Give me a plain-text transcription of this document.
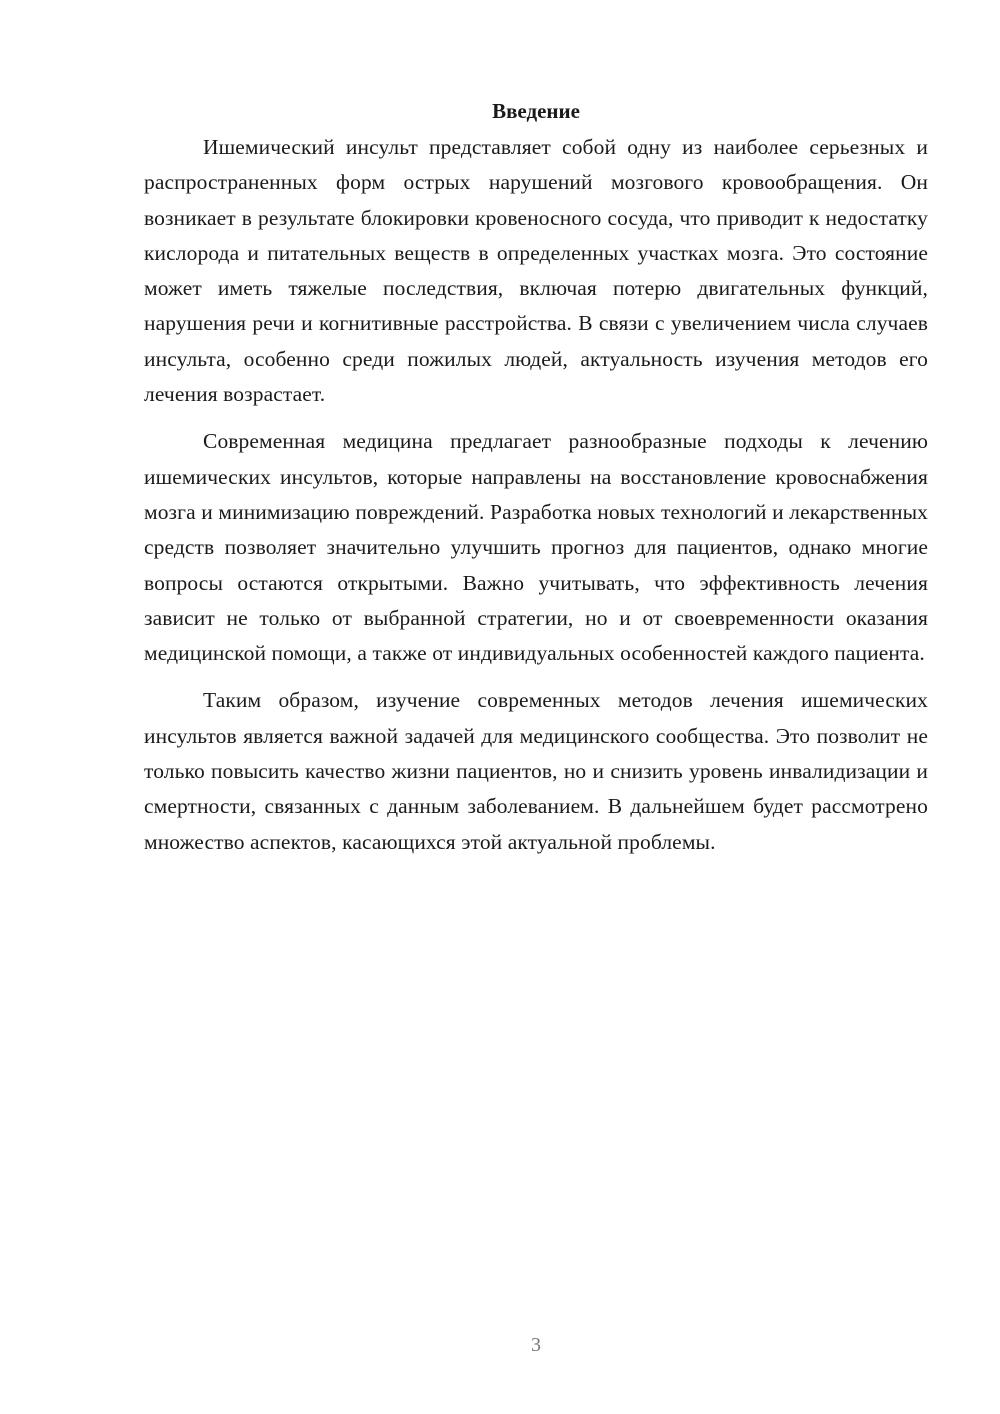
Введение

Ишемический инсульт представляет собой одну из наиболее серьезных и распространенных форм острых нарушений мозгового кровообращения. Он возникает в результате блокировки кровеносного сосуда, что приводит к недостатку кислорода и питательных веществ в определенных участках мозга. Это состояние может иметь тяжелые последствия, включая потерю двигательных функций, нарушения речи и когнитивные расстройства. В связи с увеличением числа случаев инсульта, особенно среди пожилых людей, актуальность изучения методов его лечения возрастает.

Современная медицина предлагает разнообразные подходы к лечению ишемических инсультов, которые направлены на восстановление кровоснабжения мозга и минимизацию повреждений. Разработка новых технологий и лекарственных средств позволяет значительно улучшить прогноз для пациентов, однако многие вопросы остаются открытыми. Важно учитывать, что эффективность лечения зависит не только от выбранной стратегии, но и от своевременности оказания медицинской помощи, а также от индивидуальных особенностей каждого пациента.

Таким образом, изучение современных методов лечения ишемических инсультов является важной задачей для медицинского сообщества. Это позволит не только повысить качество жизни пациентов, но и снизить уровень инвалидизации и смертности, связанных с данным заболеванием. В дальнейшем будет рассмотрено множество аспектов, касающихся этой актуальной проблемы.

3
